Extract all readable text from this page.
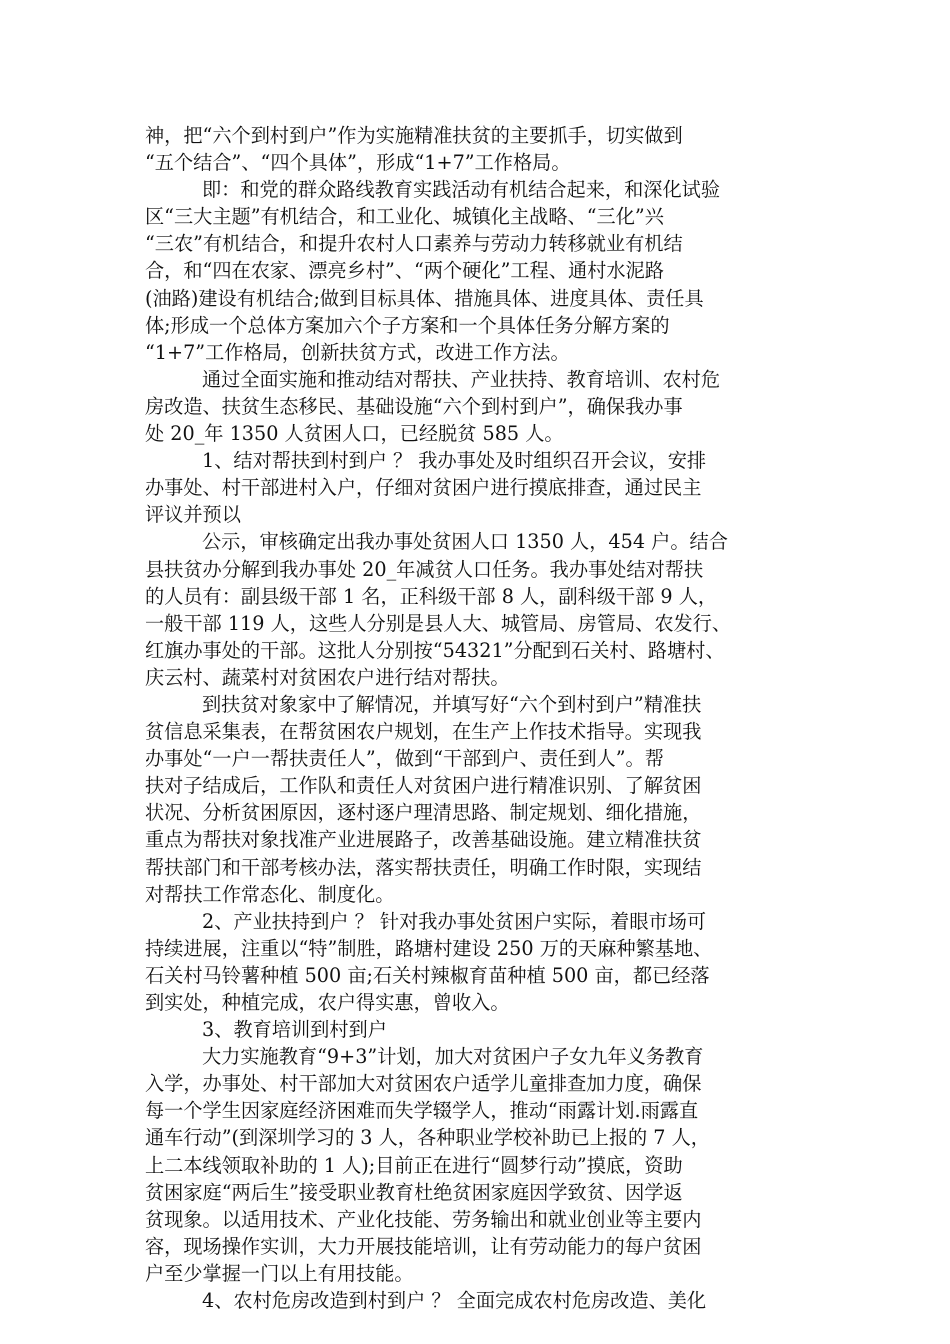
神，把“六个到村到户”作为实施精准扶贫的主要抓手，切实做到
“五个结合”、“四个具体”，形成“1+7”工作格局。
即：和党的群众路线教育实践活动有机结合起来，和深化试验
区“三大主题”有机结合，和工业化、城镇化主战略、“三化”兴
“三农”有机结合，和提升农村人口素养与劳动力转移就业有机结
合，和“四在农家、漂亮乡村”、“两个硬化”工程、通村水泥路
(油路)建设有机结合;做到目标具体、措施具体、进度具体、责任具
体;形成一个总体方案加六个子方案和一个具体任务分解方案的
“1+7”工作格局，创新扶贫方式，改进工作方法。
通过全面实施和推动结对帮扶、产业扶持、教育培训、农村危
房改造、扶贫生态移民、基础设施“六个到村到户”，确保我办事
处 20_年 1350 人贫困人口，已经脱贫 585 人。
1、结对帮扶到村到户 ？ 我办事处及时组织召开会议，安排
办事处、村干部进村入户，仔细对贫困户进行摸底排查，通过民主
评议并预以
公示，审核确定出我办事处贫困人口 1350 人，454 户。结合
县扶贫办分解到我办事处 20_年减贫人口任务。我办事处结对帮扶
的人员有：副县级干部 1 名，正科级干部 8 人，副科级干部 9 人，
一般干部 119 人，这些人分别是县人大、城管局、房管局、农发行、
红旗办事处的干部。这批人分别按“54321”分配到石关村、路塘村、
庆云村、蔬菜村对贫困农户进行结对帮扶。
到扶贫对象家中了解情况，并填写好“六个到村到户”精准扶
贫信息采集表，在帮贫困农户规划，在生产上作技术指导。实现我
办事处“一户一帮扶责任人”，做到“干部到户、责任到人”。帮
扶对子结成后，工作队和责任人对贫困户进行精准识别、了解贫困
状况、分析贫困原因，逐村逐户理清思路、制定规划、细化措施，
重点为帮扶对象找准产业进展路子，改善基础设施。建立精准扶贫
帮扶部门和干部考核办法，落实帮扶责任，明确工作时限，实现结
对帮扶工作常态化、制度化。
2、产业扶持到户 ？ 针对我办事处贫困户实际，着眼市场可
持续进展，注重以“特”制胜，路塘村建设 250 万的天麻种繁基地、
石关村马铃薯种植 500 亩;石关村辣椒育苗种植 500 亩，都已经落
到实处，种植完成，农户得实惠，曾收入。
3、教育培训到村到户
大力实施教育“9+3”计划，加大对贫困户子女九年义务教育
入学，办事处、村干部加大对贫困农户适学儿童排查加力度，确保
每一个学生因家庭经济困难而失学辍学人，推动“雨露计划.雨露直
通车行动”(到深圳学习的 3 人，各种职业学校补助已上报的 7 人，
上二本线领取补助的 1 人);目前正在进行“圆梦行动”摸底，资助
贫困家庭“两后生”接受职业教育杜绝贫困家庭因学致贫、因学返
贫现象。以适用技术、产业化技能、劳务输出和就业创业等主要内
容，现场操作实训，大力开展技能培训，让有劳动能力的每户贫困
户至少掌握一门以上有用技能。
4、农村危房改造到村到户 ？ 全面完成农村危房改造、美化
